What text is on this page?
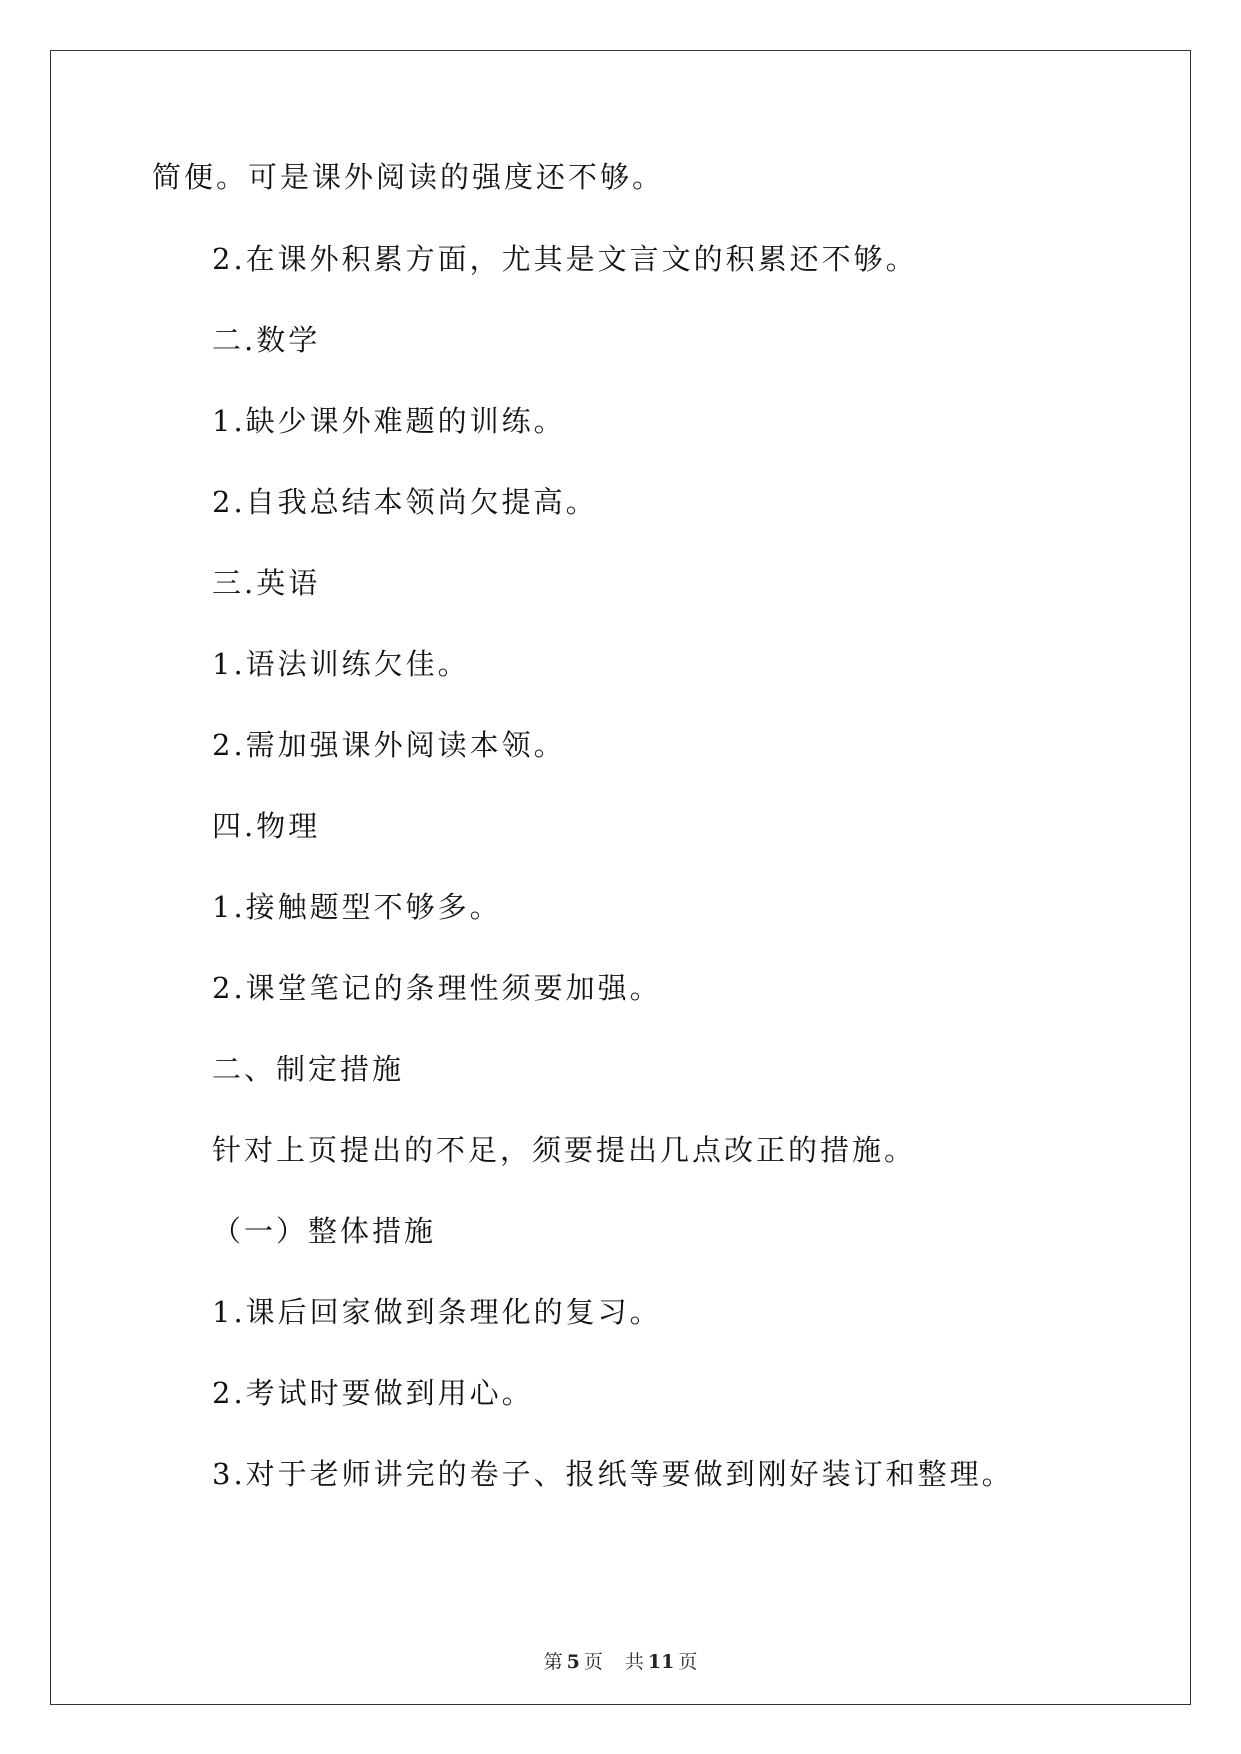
简便。可是课外阅读的强度还不够。
2.在课外积累方面，尤其是文言文的积累还不够。
二.数学
1.缺少课外难题的训练。
2.自我总结本领尚欠提高。
三.英语
1.语法训练欠佳。
2.需加强课外阅读本领。
四.物理
1.接触题型不够多。
2.课堂笔记的条理性须要加强。
二、制定措施
针对上页提出的不足，须要提出几点改正的措施。
（一）整体措施
1.课后回家做到条理化的复习。
2.考试时要做到用心。
3.对于老师讲完的卷子、报纸等要做到刚好装订和整理。
第 5 页 共 11 页
